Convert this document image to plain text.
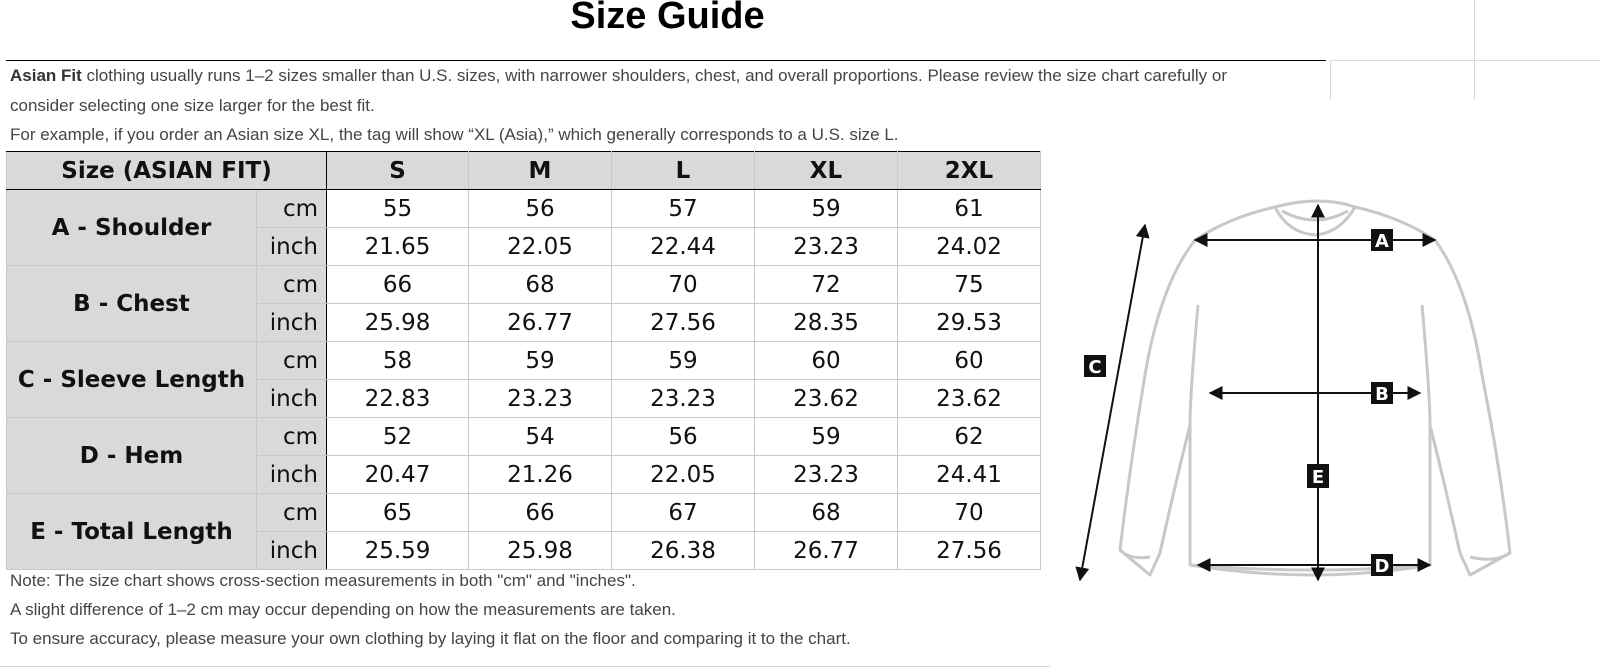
Size Guide
Asian Fit clothing usually runs 1–2 sizes smaller than U.S. sizes, with narrower shoulders, chest, and overall proportions. Please review the size chart carefully or
consider selecting one size larger for the best fit.
For example, if you order an Asian size XL, the tag will show “XL (Asia),” which generally corresponds to a U.S. size L.
Size (ASIAN FIT)		S	M	L	XL	2XL
A - Shoulder	cm	55	56	57	59	61
	inch	21.65	22.05	22.44	23.23	24.02
B - Chest	cm	66	68	70	72	75
	inch	25.98	26.77	27.56	28.35	29.53
C - Sleeve Length	cm	58	59	59	60	60
	inch	22.83	23.23	23.23	23.62	23.62
D - Hem	cm	52	54	56	59	62
	inch	20.47	21.26	22.05	23.23	24.41
E - Total Length	cm	65	66	67	68	70
	inch	25.59	25.98	26.38	26.77	27.56
Note: The size chart shows cross-section measurements in both "cm" and "inches".
A slight difference of 1–2 cm may occur depending on how the measurements are taken.
To ensure accuracy, please measure your own clothing by laying it flat on the floor and comparing it to the chart.
A
B
C
D
E
